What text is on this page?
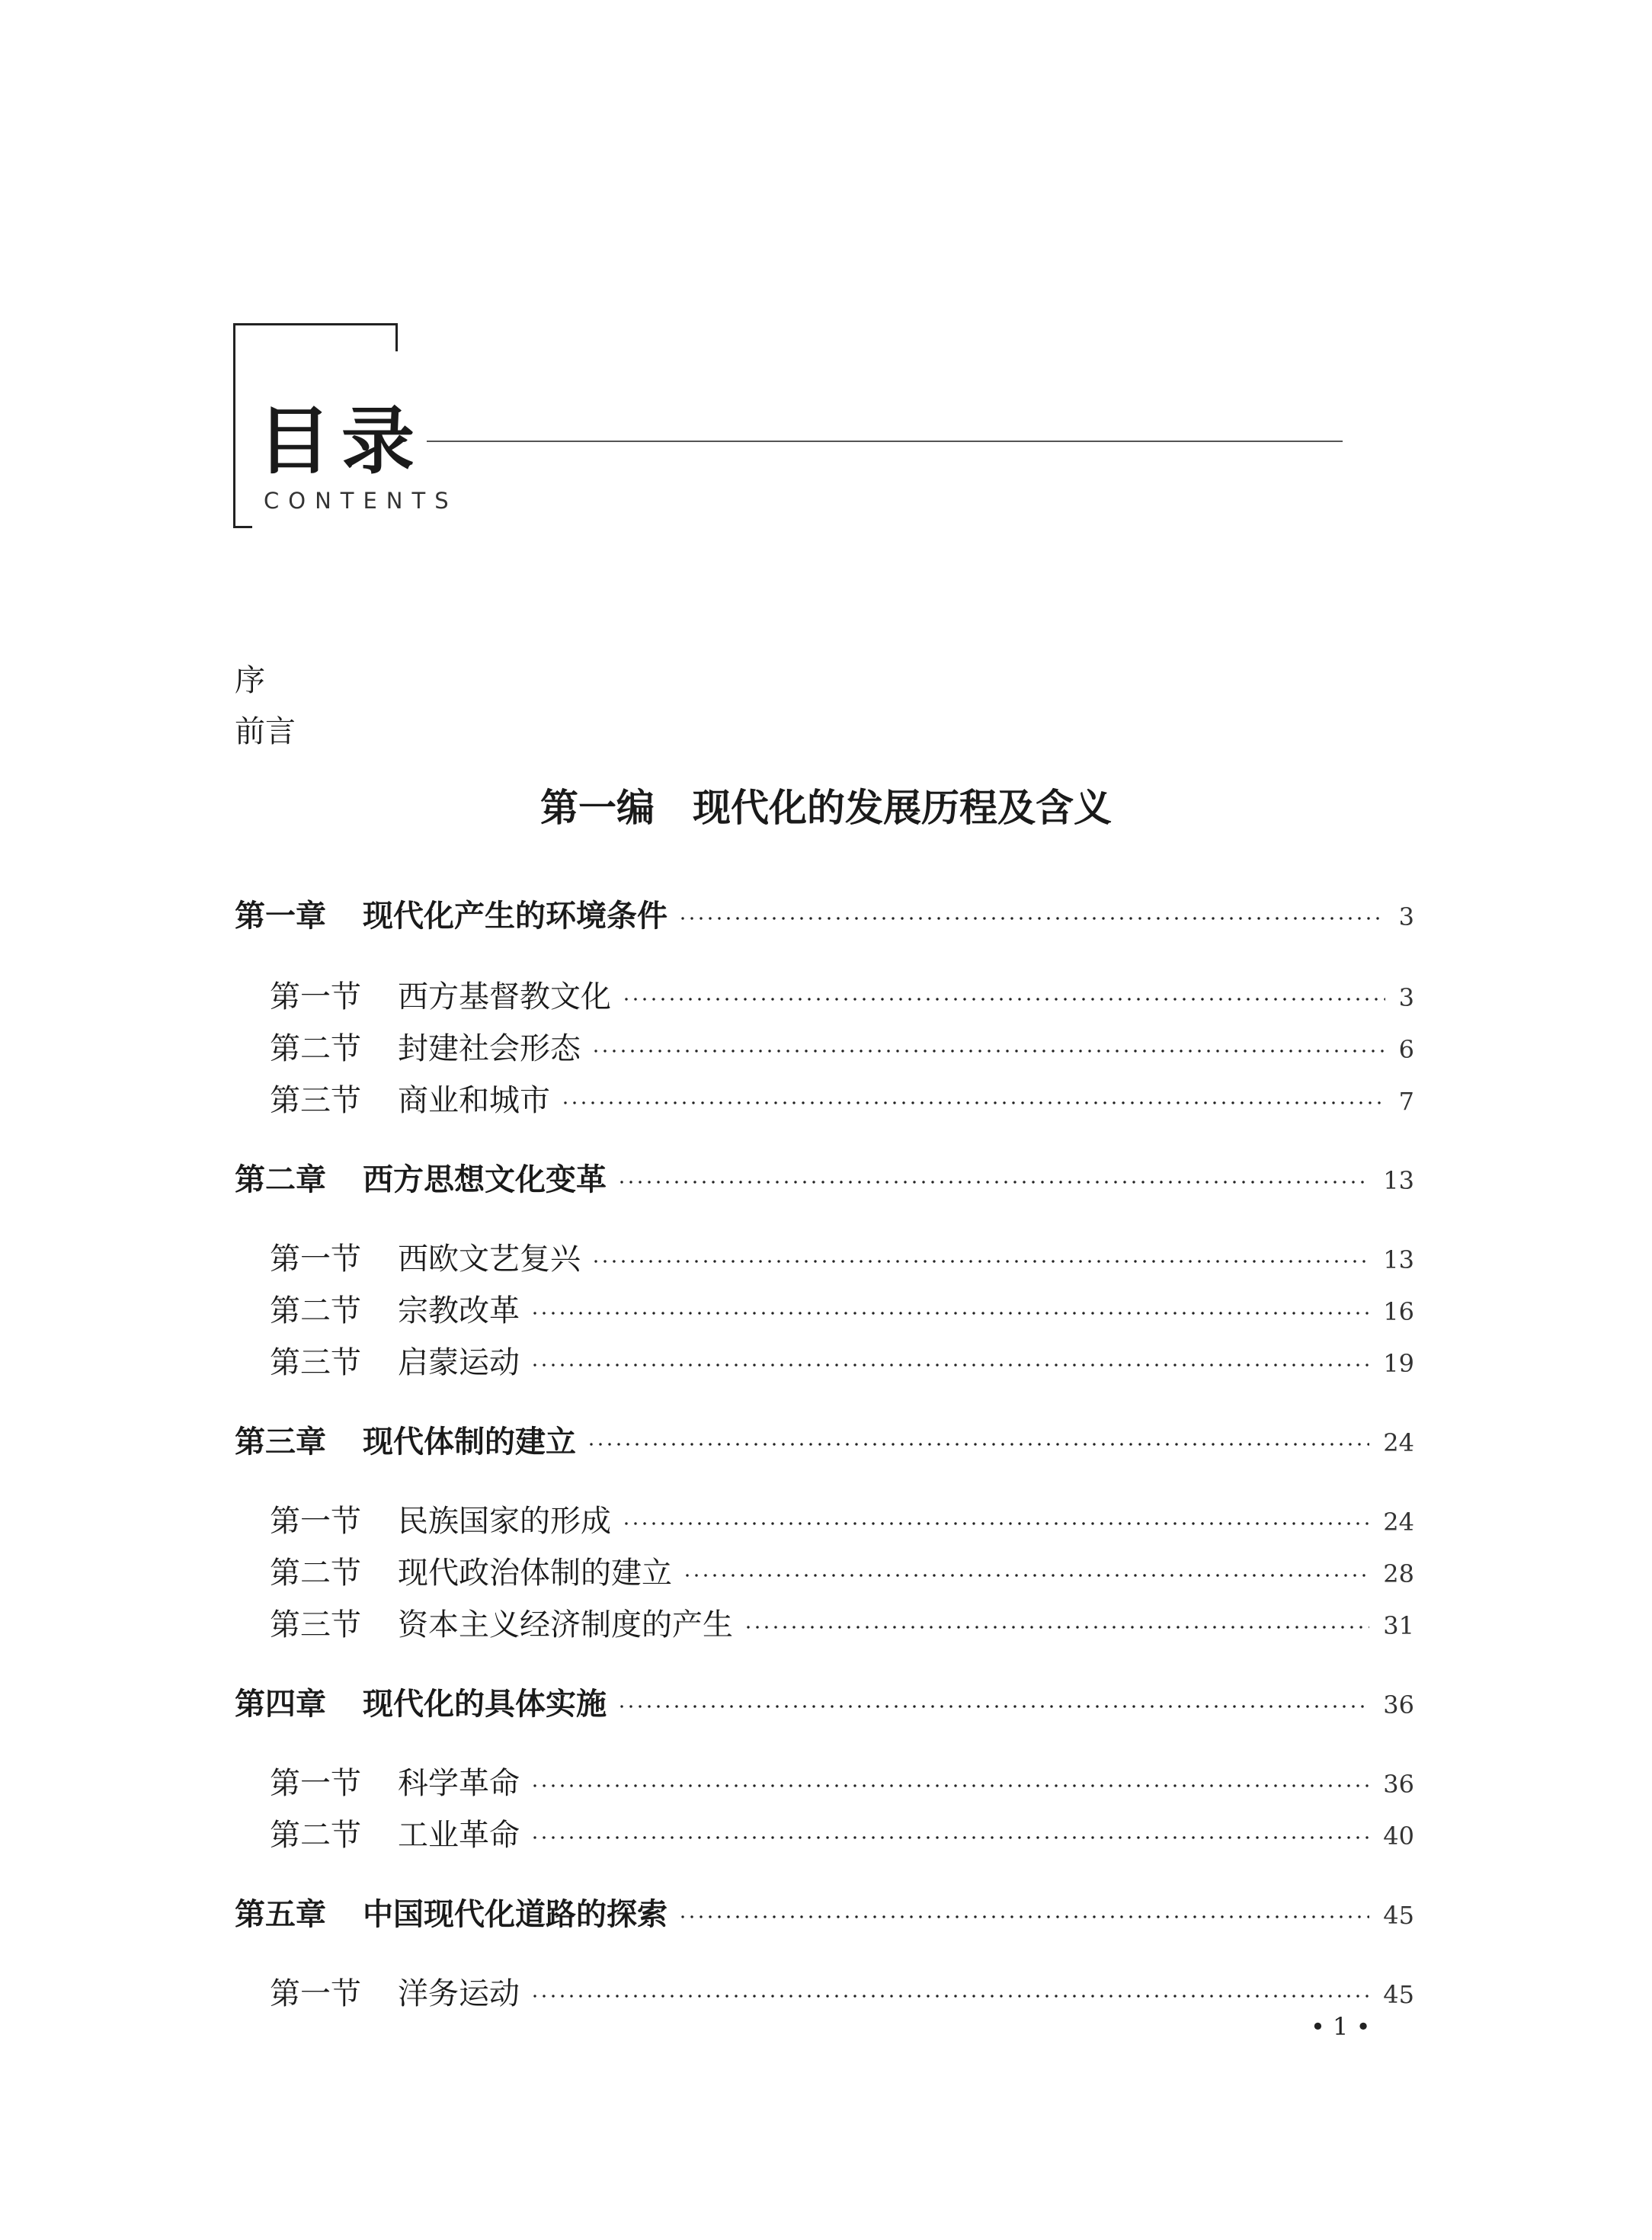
目录
CONTENTS
序
前言
第一编　现代化的发展历程及含义
第一章 现代化产生的环境条件	3
第一节 西方基督教文化	3
第二节 封建社会形态	6
第三节 商业和城市	7
第二章 西方思想文化变革	13
第一节 西欧文艺复兴	13
第二节 宗教改革	16
第三节 启蒙运动	19
第三章 现代体制的建立	24
第一节 民族国家的形成	24
第二节 现代政治体制的建立	28
第三节 资本主义经济制度的产生	31
第四章 现代化的具体实施	36
第一节 科学革命	36
第二节 工业革命	40
第五章 中国现代化道路的探索	45
第一节 洋务运动	45
• 1 •
